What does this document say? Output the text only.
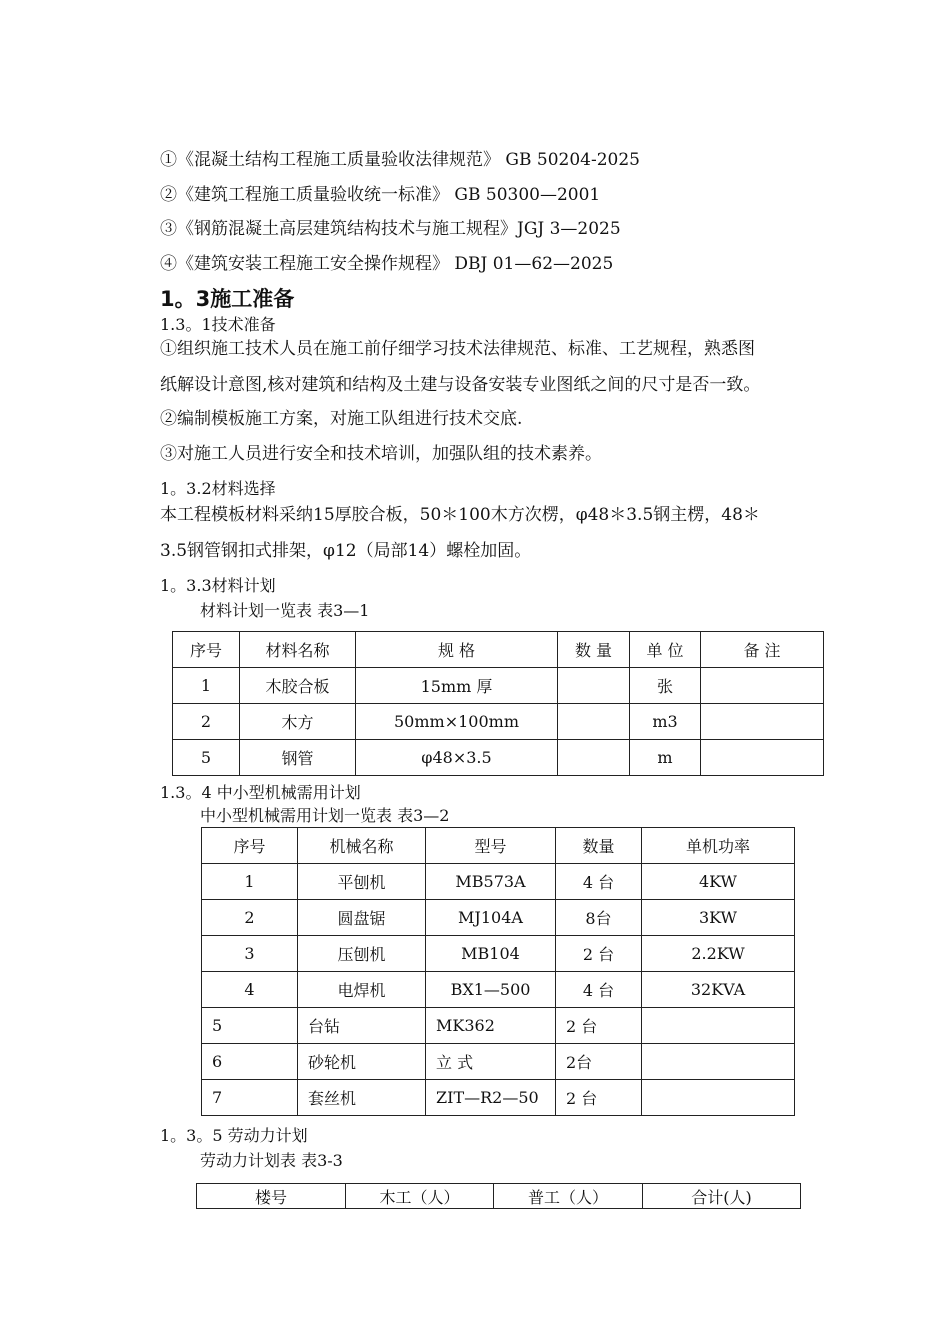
①《混凝土结构工程施工质量验收法律规范》 GB 50204-2025
②《建筑工程施工质量验收统一标准》 GB 50300—2001
③《钢筋混凝土高层建筑结构技术与施工规程》JGJ 3—2025
④《建筑安装工程施工安全操作规程》 DBJ 01—62—2025
1。3施工准备
1.3。1技术准备
①组织施工技术人员在施工前仔细学习技术法律规范、标准、工艺规程，熟悉图
纸解设计意图,核对建筑和结构及土建与设备安装专业图纸之间的尺寸是否一致。
②编制模板施工方案，对施工队组进行技术交底.
③对施工人员进行安全和技术培训，加强队组的技术素养。
1。3.2材料选择
本工程模板材料采纳15厚胶合板，50＊100木方次楞，φ48＊3.5钢主楞，48＊
3.5钢管钢扣式排架，φ12（局部14）螺栓加固。
1。3.3材料计划
材料计划一览表 表3—1
序号	材料名称	规 格	数 量	单 位	备 注
1	木胶合板	15mm 厚		张	
2	木方	50mm×100mm		m3	
5	钢管	φ48×3.5		m	
1.3。4 中小型机械需用计划
中小型机械需用计划一览表 表3—2
序号	机械名称	型号	数量	单机功率
1	平刨机	MB573A	4 台	4KW
2	圆盘锯	MJ104A	8台	3KW
3	压刨机	MB104	2 台	2.2KW
4	电焊机	BX1—500	4 台	32KVA
5	台钻	MK362	2 台	
6	砂轮机	立 式	2台	
7	套丝机	ZIT—R2—50	2 台	
1。3。5 劳动力计划
劳动力计划表 表3-3
楼号	木工（人）	普工（人）	合计(人)
